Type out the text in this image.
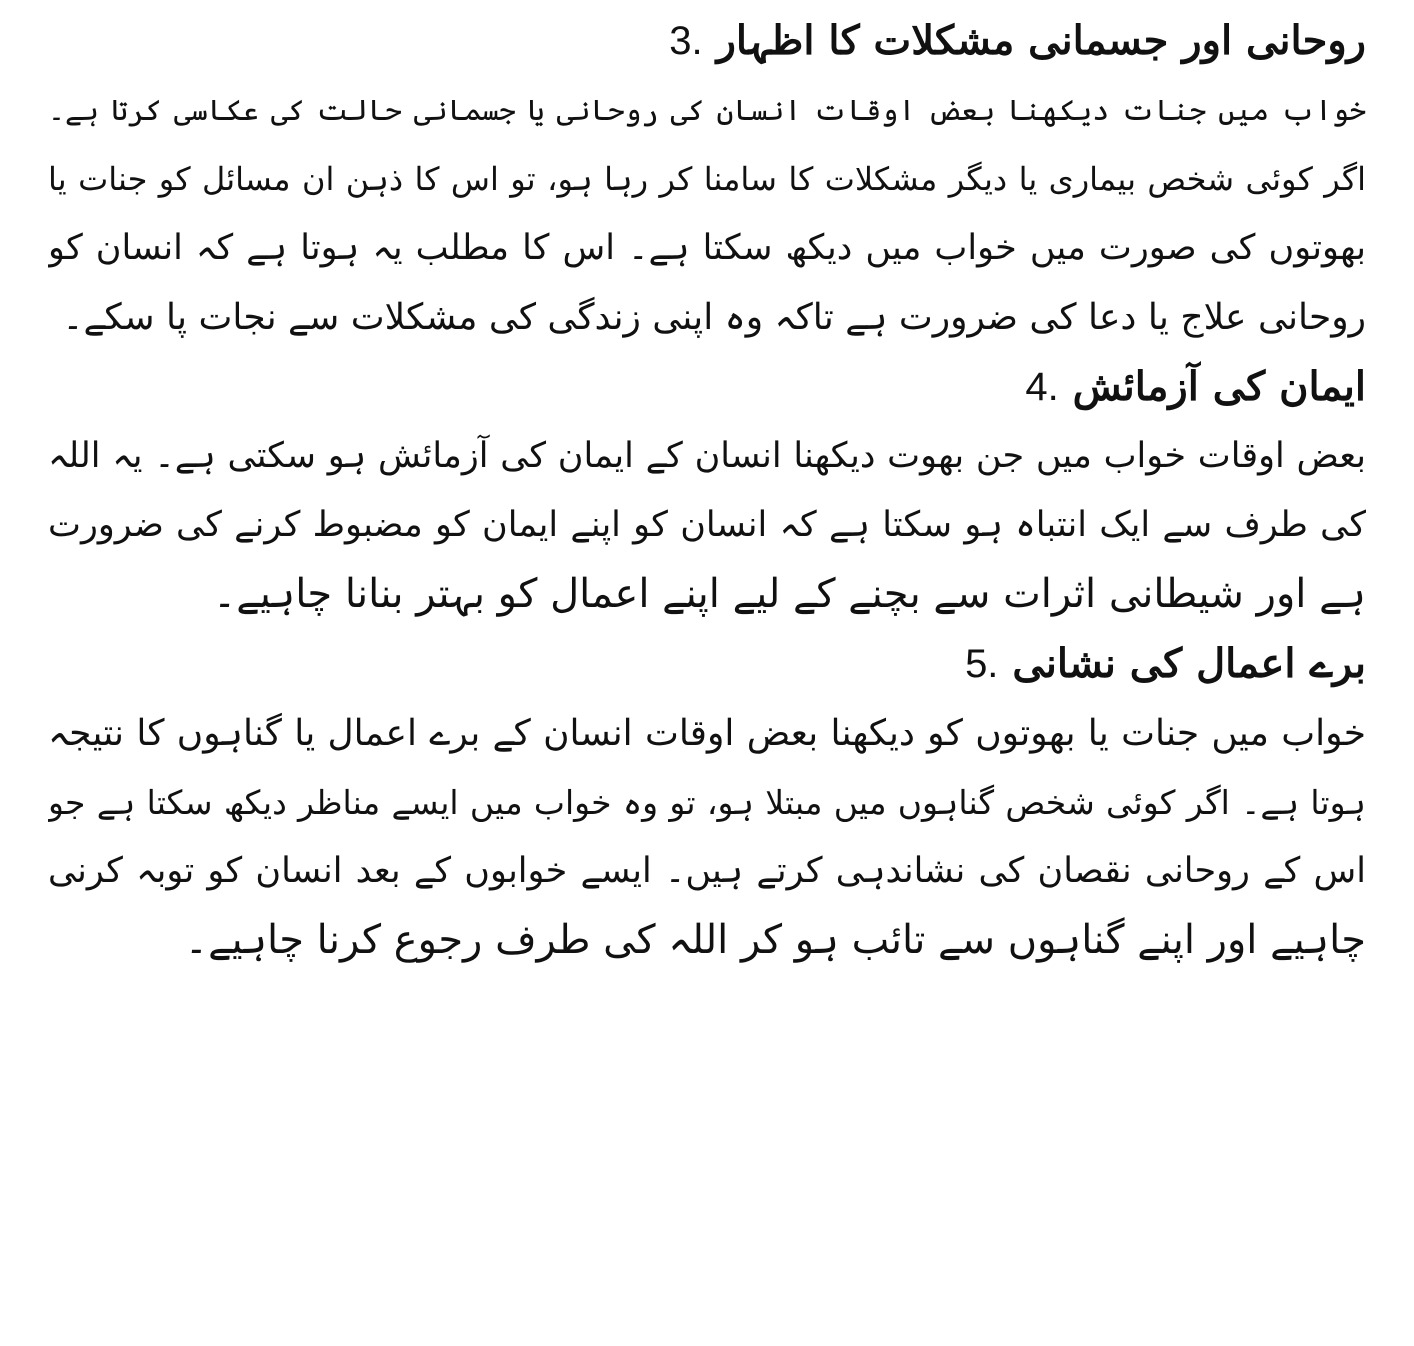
روحانی اور جسمانی مشکلات کا اظہار 3.
خواب میں جنات دیکھنا بعض اوقات انسان کی روحانی یا جسمانی حالت کی عکاسی کرتا ہے۔
اگر کوئی شخص بیماری یا دیگر مشکلات کا سامنا کر رہا ہو، تو اس کا ذہن ان مسائل کو جنات یا
بھوتوں کی صورت میں خواب میں دیکھ سکتا ہے۔ اس کا مطلب یہ ہوتا ہے کہ انسان کو
روحانی علاج یا دعا کی ضرورت ہے تاکہ وہ اپنی زندگی کی مشکلات سے نجات پا سکے۔
ایمان کی آزمائش 4.
بعض اوقات خواب میں جن بھوت دیکھنا انسان کے ایمان کی آزمائش ہو سکتی ہے۔ یہ اللہ
کی طرف سے ایک انتباہ ہو سکتا ہے کہ انسان کو اپنے ایمان کو مضبوط کرنے کی ضرورت
ہے اور شیطانی اثرات سے بچنے کے لیے اپنے اعمال کو بہتر بنانا چاہیے۔
برے اعمال کی نشانی 5.
خواب میں جنات یا بھوتوں کو دیکھنا بعض اوقات انسان کے برے اعمال یا گناہوں کا نتیجہ
ہوتا ہے۔ اگر کوئی شخص گناہوں میں مبتلا ہو، تو وہ خواب میں ایسے مناظر دیکھ سکتا ہے جو
اس کے روحانی نقصان کی نشاندہی کرتے ہیں۔ ایسے خوابوں کے بعد انسان کو توبہ کرنی
چاہیے اور اپنے گناہوں سے تائب ہو کر اللہ کی طرف رجوع کرنا چاہیے۔
